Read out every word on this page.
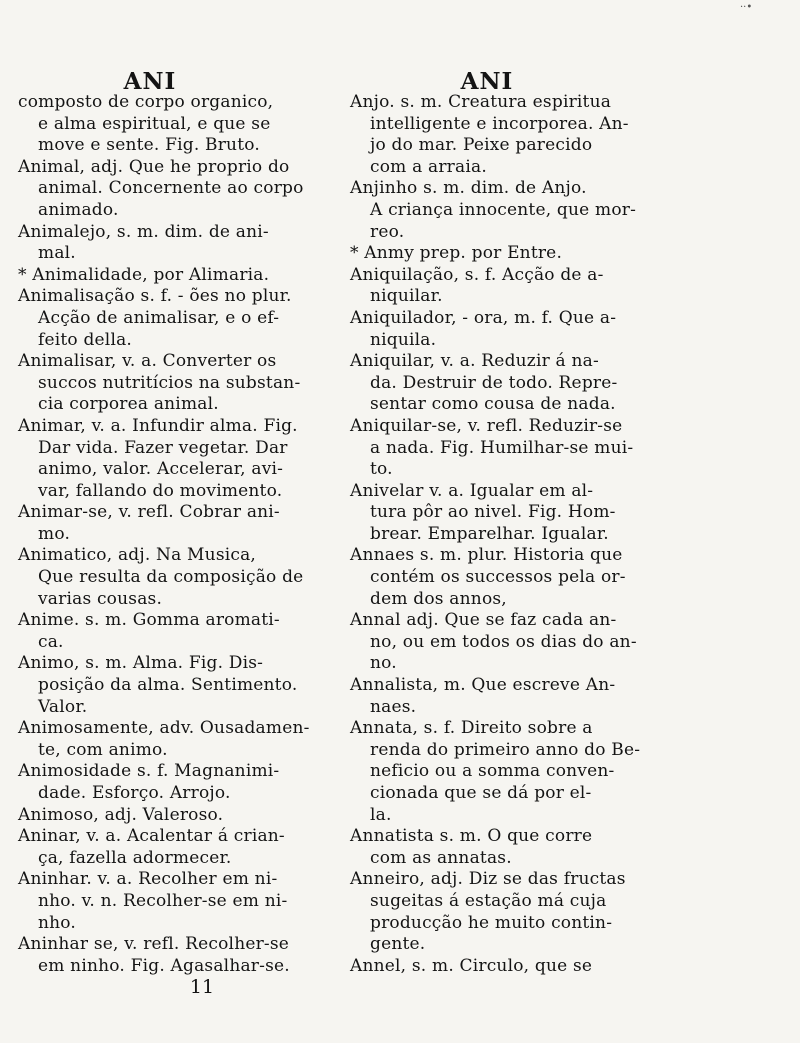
··•
ANI	ANI
composto de corpo organico,
e alma espiritual, e que se
move e sente. Fig. Bruto.
Animal, adj. Que he proprio do
animal. Concernente ao corpo
animado.
Animalejo, s. m. dim. de ani-
mal.
* Animalidade, por Alimaria.
Animalisação s. f. - ões no plur.
Acção de animalisar, e o ef-
feito della.
Animalisar, v. a. Converter os
succos nutritícios na substan-
cia corporea animal.
Animar, v. a. Infundir alma. Fig.
Dar vida. Fazer vegetar. Dar
animo, valor. Accelerar, avi-
var, fallando do movimento.
Animar-se, v. refl. Cobrar ani-
mo.
Animatico, adj. Na Musica,
Que resulta da composição de
varias cousas.
Anime. s. m. Gomma aromati-
ca.
Animo, s. m. Alma. Fig. Dis-
posição da alma. Sentimento.
Valor.
Animosamente, adv. Ousadamen-
te, com animo.
Animosidade s. f. Magnanimi-
dade. Esforço. Arrojo.
Animoso, adj. Valeroso.
Aninar, v. a. Acalentar á crian-
ça, fazella adormecer.
Aninhar. v. a. Recolher em ni-
nho. v. n. Recolher-se em ni-
nho.
Aninhar se, v. refl. Recolher-se
em ninho. Fig. Agasalhar-se.
Anjo. s. m. Creatura espiritua
intelligente e incorporea. An-
jo do mar. Peixe parecido
com a arraia.
Anjinho s. m. dim. de Anjo.
A criança innocente, que mor-
reo.
* Anmy prep. por Entre.
Aniquilação, s. f. Acção de a-
niquilar.
Aniquilador, - ora, m. f. Que a-
niquila.
Aniquilar, v. a. Reduzir á na-
da. Destruir de todo. Repre-
sentar como cousa de nada.
Aniquilar-se, v. refl. Reduzir-se
a nada. Fig. Humilhar-se mui-
to.
Anivelar v. a. Igualar em al-
tura pôr ao nivel. Fig. Hom-
brear. Emparelhar. Igualar.
Annaes s. m. plur. Historia que
contém os successos pela or-
dem dos annos,
Annal adj. Que se faz cada an-
no, ou em todos os dias do an-
no.
Annalista, m. Que escreve An-
naes.
Annata, s. f. Direito sobre a
renda do primeiro anno do Be-
neficio ou a somma conven-
cionada que se dá por el-
la.
Annatista s. m. O que corre
com as annatas.
Anneiro, adj. Diz se das fructas
sugeitas á estação má cuja
producção he muito contin-
gente.
Annel, s. m. Circulo, que se
11
